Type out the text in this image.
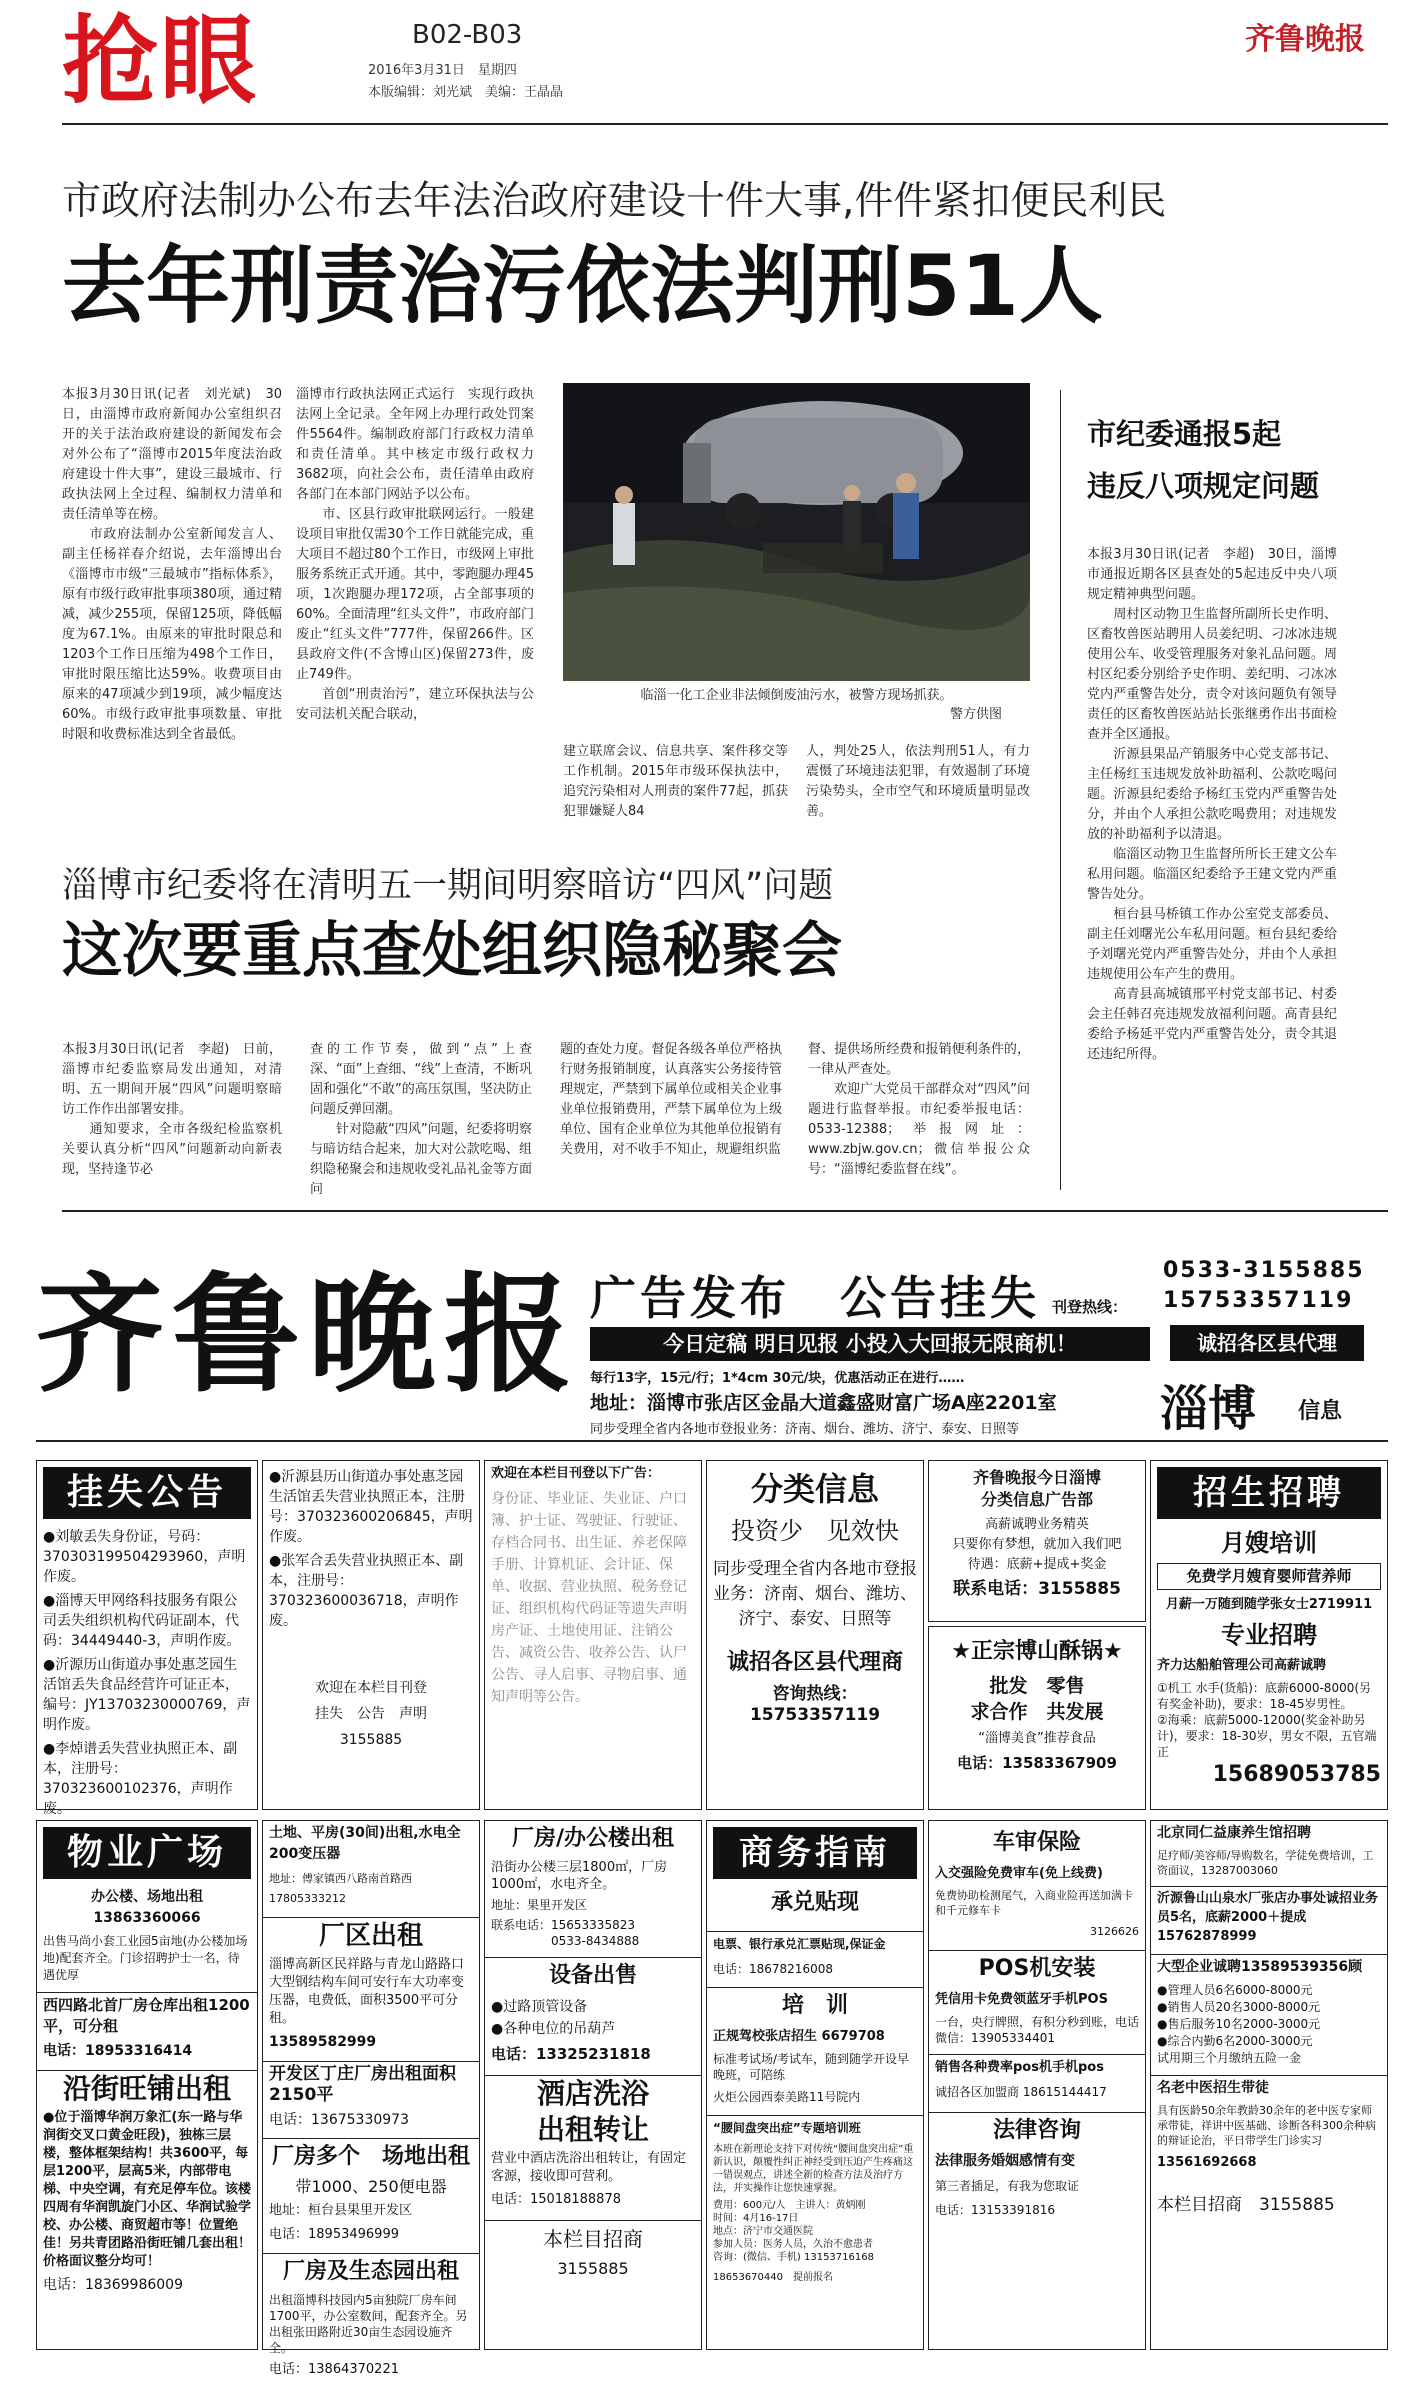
抢眼	B02-B03
2016年3月31日　星期四
本版编辑：刘光斌　美编：王晶晶
齐鲁晚报
市政府法制办公布去年法治政府建设十件大事,件件紧扣便民利民
去年刑责治污依法判刑51人
本报3月30日讯(记者　刘光斌)　30日，由淄博市政府新闻办公室组织召开的关于法治政府建设的新闻发布会对外公布了“淄博市2015年度法治政府建设十件大事”，建设三最城市、行政执法网上全过程、编制权力清单和责任清单等在榜。
　　市政府法制办公室新闻发言人、副主任杨祥春介绍说，去年淄博出台《淄博市市级“三最城市”指标体系》，原有市级行政审批事项380项，通过精减，减少255项，保留125项，降低幅度为67.1%。由原来的审批时限总和1203个工作日压缩为498个工作日，审批时限压缩比达59%。收费项目由原来的47项减少到19项，减少幅度达60%。市级行政审批事项数量、审批时限和收费标准达到全省最低。
淄博市行政执法网正式运行　实现行政执法网上全记录。全年网上办理行政处罚案件5564件。编制政府部门行政权力清单和责任清单。其中核定市级行政权力3682项，向社会公布，责任清单由政府各部门在本部门网站予以公布。
　　市、区县行政审批联网运行。一般建设项目审批仅需30个工作日就能完成，重大项目不超过80个工作日，市级网上审批服务系统正式开通。其中，零跑腿办理45项，1次跑腿办理172项，占全部事项的60%。全面清理“红头文件”，市政府部门废止“红头文件”777件，保留266件。区县政府文件(不含博山区)保留273件，废止749件。
　　首创“刑责治污”，建立环保执法与公安司法机关配合联动，
临淄一化工企业非法倾倒废油污水，被警方现场抓获。
警方供图
建立联席会议、信息共享、案件移交等工作机制。2015年市级环保执法中，追究污染相对人刑责的案件77起，抓获犯罪嫌疑人84
人，判处25人，依法判刑51人，有力震慑了环境违法犯罪，有效遏制了环境污染势头，全市空气和环境质量明显改善。
市纪委通报5起
违反八项规定问题
本报3月30日讯(记者　李超)　30日，淄博市通报近期各区县查处的5起违反中央八项规定精神典型问题。
　　周村区动物卫生监督所副所长史作明、区畜牧兽医站聘用人员姜纪明、刁冰冰违规使用公车、收受管理服务对象礼品问题。周村区纪委分别给予史作明、姜纪明、刁冰冰党内严重警告处分，责令对该问题负有领导责任的区畜牧兽医站站长张继勇作出书面检查并全区通报。
　　沂源县果品产销服务中心党支部书记、主任杨红玉违规发放补助福利、公款吃喝问题。沂源县纪委给予杨红玉党内严重警告处分，并由个人承担公款吃喝费用；对违规发放的补助福利予以清退。
　　临淄区动物卫生监督所所长王建文公车私用问题。临淄区纪委给予王建文党内严重警告处分。
　　桓台县马桥镇工作办公室党支部委员、副主任刘曙光公车私用问题。桓台县纪委给予刘曙光党内严重警告处分，并由个人承担违规使用公车产生的费用。
　　高青县高城镇邢平村党支部书记、村委会主任韩召亮违规发放福利问题。高青县纪委给予杨延平党内严重警告处分，责令其退还违纪所得。
淄博市纪委将在清明五一期间明察暗访“四风”问题
这次要重点查处组织隐秘聚会
本报3月30日讯(记者　李超)　日前，淄博市纪委监察局发出通知，对清明、五一期间开展“四风”问题明察暗访工作作出部署安排。
　　通知要求，全市各级纪检监察机关要认真分析“四风”问题新动向新表现，坚持逢节必
查的工作节奏，做到“点”上查深、“面”上查细、“线”上查清，不断巩固和强化“不敢”的高压氛围，坚决防止问题反弹回潮。
　　针对隐蔽“四风”问题，纪委将明察与暗访结合起来，加大对公款吃喝、组织隐秘聚会和违规收受礼品礼金等方面问
题的查处力度。督促各级各单位严格执行财务报销制度，认真落实公务接待管理规定，严禁到下属单位或相关企业事业单位报销费用，严禁下属单位为上级单位、国有企业单位为其他单位报销有关费用，对不收手不知止，规避组织监
督、提供场所经费和报销便利条件的，一律从严查处。
　　欢迎广大党员干部群众对“四风”问题进行监督举报。市纪委举报电话：0533-12388；举报网址：www.zbjw.gov.cn；微信举报公众号：“淄博纪委监督在线”。
齐鲁晚报 广告发布　公告挂失 刊登热线：
0533-3155885
15753357119
今日定稿 明日见报 小投入大回报无限商机！	诚招各区县代理
每行13字，15元/行；1*4cm 30元/块，优惠活动正在进行……
地址：淄博市张店区金晶大道鑫盛财富广场A座2201室
同步受理全省内各地市登报业务：济南、烟台、潍坊、济宁、泰安、日照等	淄博 信息
挂失公告
●刘敏丢失身份证，号码：370303199504293960，声明作废。
●淄博天甲网络科技服务有限公司丢失组织机构代码证副本，代码：34449440-3，声明作废。
●沂源历山街道办事处惠芝园生活馆丢失食品经营许可证正本，编号：JY13703230000769，声明作废。
●李焯谱丢失营业执照正本、副本，注册号：370323600102376，声明作废。
●沂源县历山街道办事处惠芝园生活馆丢失营业执照正本，注册号：370323600206845，声明作废。
●张军合丢失营业执照正本、副本，注册号：370323600036718，声明作废。
欢迎在本栏目刊登
挂失　公告　声明
3155885
欢迎在本栏目刊登以下广告：
身份证、毕业证、失业证、户口簿、护士证、驾驶证、行驶证、存档合同书、出生证、养老保障手册、计算机证、会计证、保单、收据、营业执照、税务登记证、组织机构代码证等遗失声明
房产证、土地使用证、注销公告、减资公告、收养公告、认尸公告、寻人启事、寻物启事、通知声明等公告。
分类信息
投资少　见效快
同步受理全省内各地市登报业务：济南、烟台、潍坊、济宁、泰安、日照等
诚招各区县代理商
咨询热线：15753357119
齐鲁晚报今日淄博
分类信息广告部
高薪诚聘业务精英
只要你有梦想，就加入我们吧
待遇：底薪+提成+奖金
联系电话：3155885
★正宗博山酥锅★
批发　零售
求合作　共发展
“淄博美食”推荐食品
电话：13583367909
招生招聘
月嫂培训
免费学月嫂育婴师营养师
月薪一万随到随学张女士2719911
专业招聘
齐力达船舶管理公司高薪诚聘
①机工 水手(货船)：底薪6000-8000(另有奖金补助)，要求：18-45岁男性。
②海乘：底薪5000-12000(奖金补助另计)，要求：18-30岁，男女不限，五官端正
15689053785
物业广场
办公楼、场地出租13863360066
出售马尚小套工业园5亩地(办公楼加场地)配套齐全。门诊招聘护士一名，待遇优厚
西四路北首厂房仓库出租1200平，可分租
电话：18953316414
沿街旺铺出租
●位于淄博华润万象汇(东一路与华润街交叉口黄金旺段)，独栋三层楼，整体框架结构！共3600平，每层1200平，层高5米，内部带电梯、中央空调，有充足停车位。该楼四周有华润凯旋门小区、华润试验学校、办公楼、商贸超市等！位置绝佳！另共青团路沿街旺铺几套出租！价格面议整分均可！
电话：18369986009
土地、平房(30间)出租,水电全200变压器
地址：傅家镇西八路南首路西17805333212
厂区出租
淄博高新区民祥路与青龙山路路口大型钢结构车间可安行车大功率变压器，电费低，面积3500平可分租。
13589582999
开发区丁庄厂房出租面积2150平
电话：13675330973
厂房多个　场地出租
带1000、250便电器
地址：桓台县果里开发区
电话：18953496999
厂房及生态园出租
出租淄博科技园内5亩独院厂房车间1700平，办公室数间，配套齐全。另出租张田路附近30亩生态园设施齐全。
电话：13864370221
厂房/办公楼出租
沿街办公楼三层1800㎡，厂房1000㎡，水电齐全。
地址：果里开发区
联系电话：15653335823
　　　　　0533-8434888
设备出售
●过路顶管设备
●各种电位的吊葫芦
电话：13325231818
酒店洗浴
出租转让
营业中酒店洗浴出租转让，有固定客源，接收即可营利。
电话：15018188878
本栏目招商
3155885
商务指南
承兑贴现
电票、银行承兑汇票贴现,保证金
电话：18678216008
培　训
正规驾校张店招生 6679708
标准考试场/考试车，随到随学开设早晚班，可陪练
火炬公园西泰美路11号院内
“腰间盘突出症”专题培训班
本班在新理论支持下对传统“腰间盘突出症”重新认识，颠覆性纠正神经受到压迫产生疼痛这一错误观点，讲述全新的检查方法及治疗方法，并实操作让您快速掌握。
费用：600元/人　主讲人：黄炳刚
时间：4月16-17日
地点：济宁市交通医院
参加人员：医务人员，久治不愈患者
咨询：(微信、手机) 13153716168
18653670440　提前报名
车审保险
入交强险免费审车(免上线费)
免费协助检测尾气，入商业险再送加满卡和千元修车卡
3126626
POS机安装
凭信用卡免费领蓝牙手机POS
一台，央行牌照，有积分秒到账，电话微信：13905334401
销售各种费率pos机手机pos
诚招各区加盟商 18615144417
法律咨询
法律服务婚姻感情有变
第三者插足，有我为您取证
电话：13153391816
北京同仁益康养生馆招聘
足疗师/美容师/导购数名，学徒免费培训，工资面议，13287003060
沂源鲁山山泉水厂张店办事处诚招业务员5名，底薪2000＋提成 15762878999
大型企业诚聘13589539356顾
●管理人员6名6000-8000元
●销售人员20名3000-8000元
●售后服务10名2000-3000元
●综合内勤6名2000-3000元
试用期三个月缴纳五险一金
名老中医招生带徒
具有医龄50余年教龄30余年的老中医专家师承带徒，祥讲中医基础、诊断各科300余种病的辩证论治，平日带学生门诊实习
13561692668
本栏目招商　 3155885
